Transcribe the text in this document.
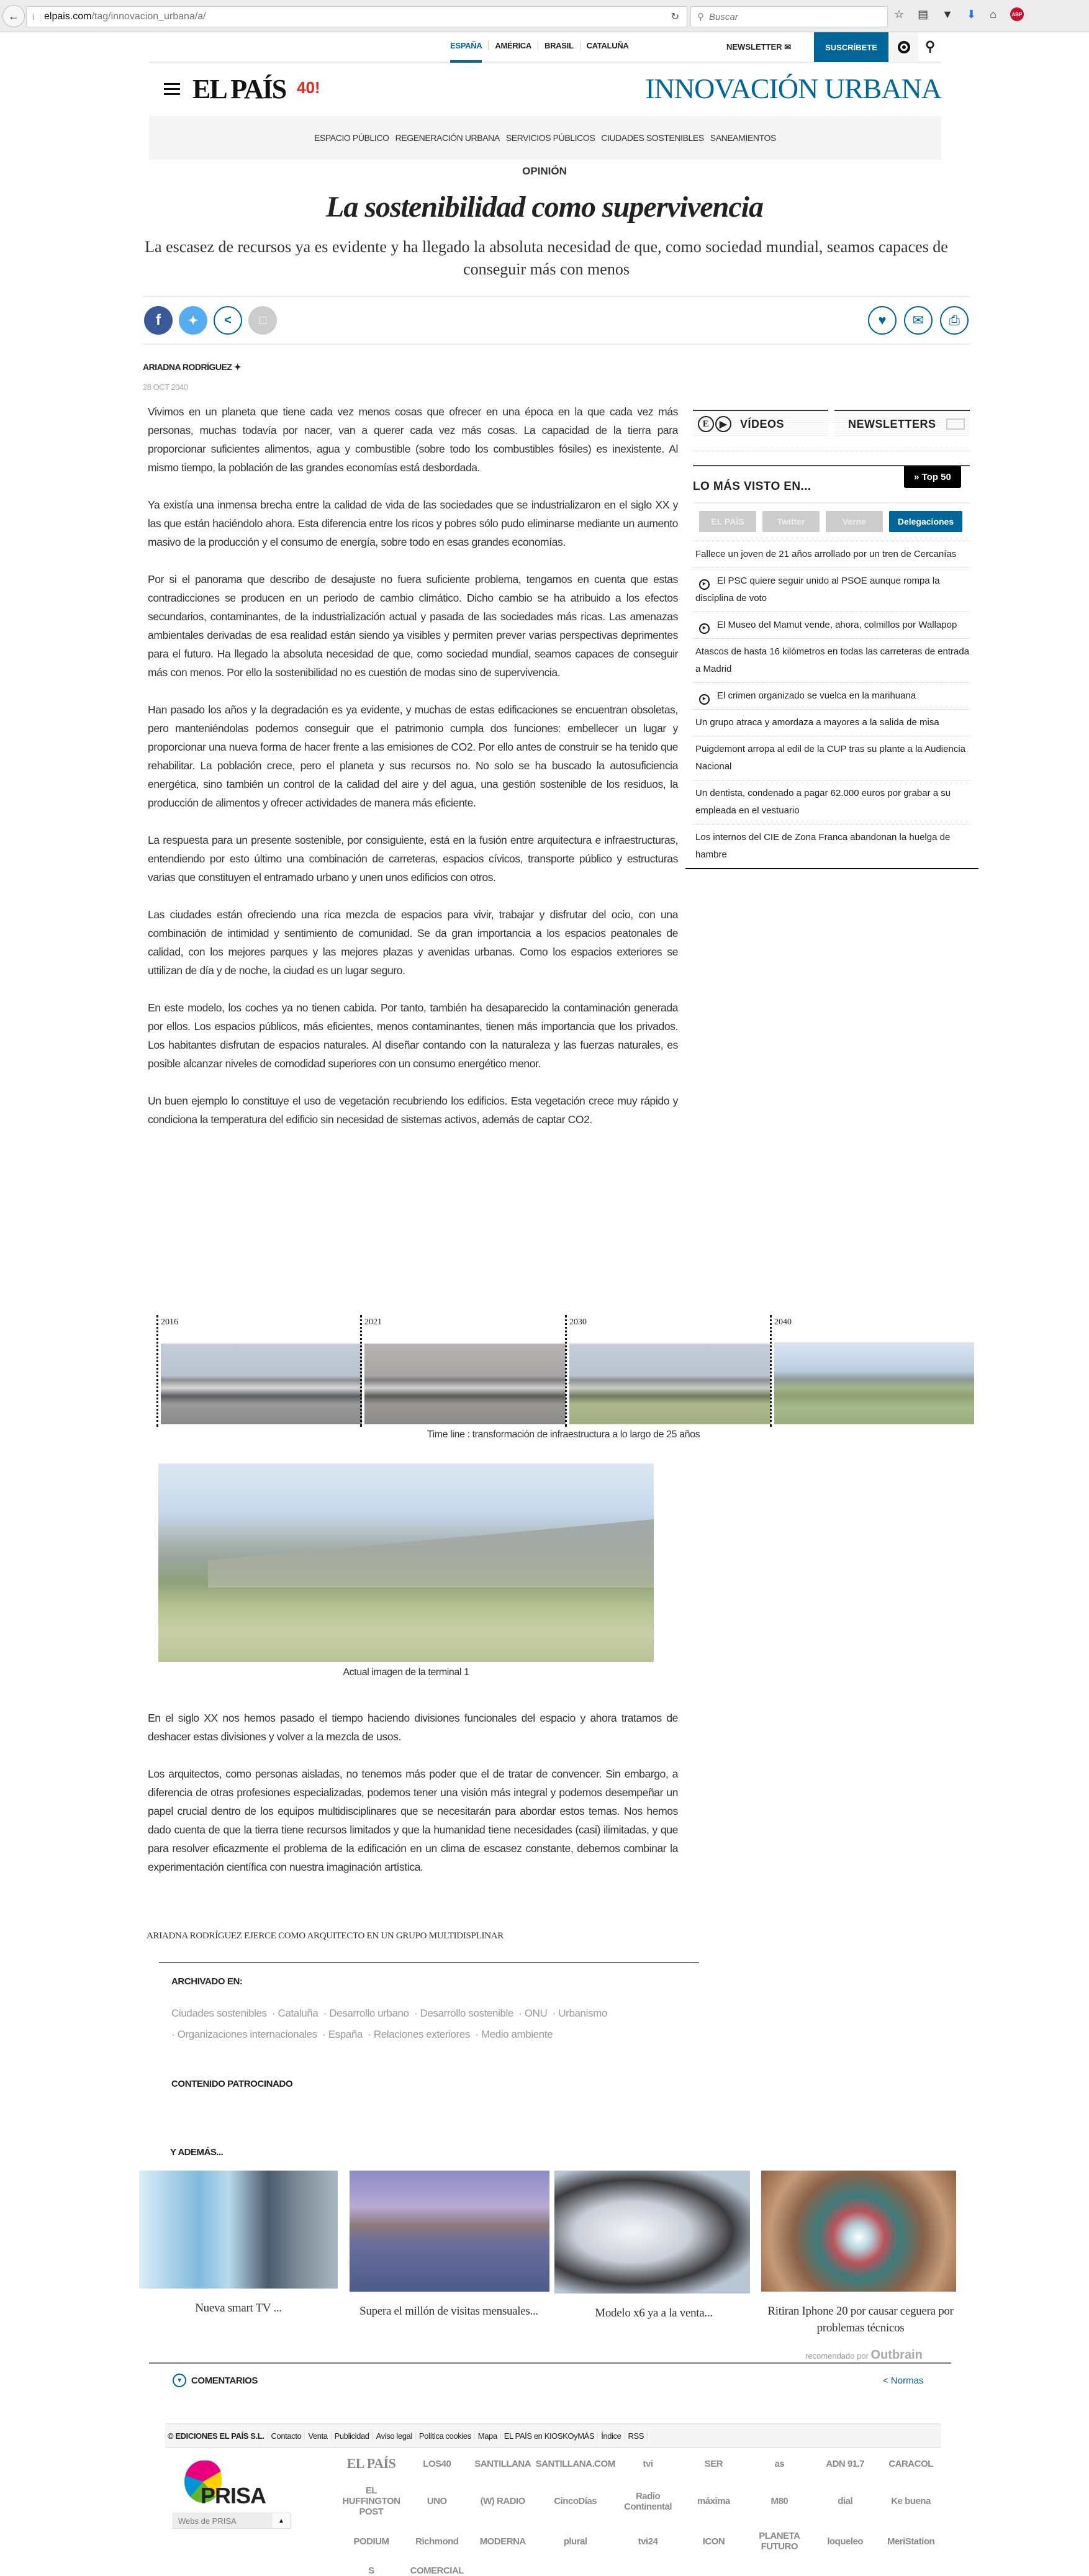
←	i	elpais.com /tag/innovacion_urbana/a/	↻ ⚲ Buscar	☆ ▤ ▼ ⬇ ⌂	ABP
ESPAÑA	AMÉRICA	BRASIL	CATALUÑA	NEWSLETTER ✉	SUSCRÍBETE	⚲
EL PAÍS 40!	INNOVACIÓN URBANA
ESPACIO PÚBLICO REGENERACIÓN URBANA SERVICIOS PÚBLICOS CIUDADES SOSTENIBLES SANEAMIENTOS
OPINIÓN
La sostenibilidad como supervivencia
La escasez de recursos ya es evidente y ha llegado la absoluta necesidad de que, como sociedad mundial, seamos capaces de conseguir más con menos
f	✦	<	□	♥	✉	⎙
ARIADNA RODRÍGUEZ ✦
28 OCT 2040

Vivimos en un planeta que tiene cada vez menos cosas que ofrecer en una época en la que cada vez más personas, muchas todavía por nacer, van a querer cada vez más cosas. La capacidad de la tierra para proporcionar suficientes alimentos, agua y combustible (sobre todo los combustibles fósiles) es inexistente. Al mismo tiempo, la población de las grandes economías está desbordada.

Ya existía una inmensa brecha entre la calidad de vida de las sociedades que se industrializaron en el siglo XX y las que están haciéndolo ahora. Esta diferencia entre los ricos y pobres sólo pudo eliminarse mediante un aumento masivo de la producción y el consumo de energía, sobre todo en esas grandes economías.

Por si el panorama que describo de desajuste no fuera suficiente problema, tengamos en cuenta que estas contradicciones se producen en un periodo de cambio climático. Dicho cambio se ha atribuido a los efectos secundarios, contaminantes, de la industrialización actual y pasada de las sociedades más ricas. Las amenazas ambientales derivadas de esa realidad están siendo ya visibles y permiten prever varias perspectivas deprimentes para el futuro. Ha llegado la absoluta necesidad de que, como sociedad mundial, seamos capaces de conseguir más con menos. Por ello la sostenibilidad no es cuestión de modas sino de supervivencia.

Han pasado los años y la degradación es ya evidente, y muchas de estas edificaciones se encuentran obsoletas, pero manteniéndolas podemos conseguir que el patrimonio cumpla dos funciones: embellecer un lugar y proporcionar una nueva forma de hacer frente a las emisiones de CO2. Por ello antes de construir se ha tenido que rehabilitar. La población crece, pero el planeta y sus recursos no. No solo se ha buscado la autosuficiencia energética, sino también un control de la calidad del aire y del agua, una gestión sostenible de los residuos, la producción de alimentos y ofrecer actividades de manera más eficiente.

La respuesta para un presente sostenible, por consiguiente, está en la fusión entre arquitectura e infraestructuras, entendiendo por esto último una combinación de carreteras, espacios cívicos, transporte público y estructuras varias que constituyen el entramado urbano y unen unos edificios con otros.

Las ciudades están ofreciendo una rica mezcla de espacios para vivir, trabajar y disfrutar del ocio, con una combinación de intimidad y sentimiento de comunidad. Se da gran importancia a los espacios peatonales de calidad, con los mejores parques y las mejores plazas y avenidas urbanas. Como los espacios exteriores se uttilizan de día y de noche, la ciudad es un lugar seguro.

En este modelo, los coches ya no tienen cabida. Por tanto, también ha desaparecido la contaminación generada por ellos. Los espacios públicos, más eficientes, menos contaminantes, tienen más importancia que los privados. Los habitantes disfrutan de espacios naturales. Al diseñar contando con la naturaleza y las fuerzas naturales, es posible alcanzar niveles de comodidad superiores con un consumo energético menor.

Un buen ejemplo lo constituye el uso de vegetación recubriendo los edificios. Esta vegetación crece muy rápido y condiciona la temperatura del edificio sin necesidad de sistemas activos, además de captar CO2.

E	▶	VÍDEOS	NEWSLETTERS
LO MÁS VISTO EN...
» Top 50
EL PAÍS	Twitter	Verne	Delegaciones
Fallece un joven de 21 años arrollado por un tren de Cercanías
▶ El PSC quiere seguir unido al PSOE aunque rompa la disciplina de voto
▶ El Museo del Mamut vende, ahora, colmillos por Wallapop
Atascos de hasta 16 kilómetros en todas las carreteras de entrada a Madrid
▶ El crimen organizado se vuelca en la marihuana
Un grupo atraca y amordaza a mayores a la salida de misa
Puigdemont arropa al edil de la CUP tras su plante a la Audiencia Nacional
Un dentista, condenado a pagar 62.000 euros por grabar a su empleada en el vestuario
Los internos del CIE de Zona Franca abandonan la huelga de hambre
2016	2021	2030	2040
Time line : transformación de infraestructura a lo largo de 25 años
Actual imagen de la terminal 1

En el siglo XX nos hemos pasado el tiempo haciendo divisiones funcionales del espacio y ahora tratamos de deshacer estas divisiones y volver a la mezcla de usos.

Los arquitectos, como personas aisladas, no tenemos más poder que el de tratar de convencer. Sin embargo, a diferencia de otras profesiones especializadas, podemos tener una visión más integral y podemos desempeñar un papel crucial dentro de los equipos multidisciplinares que se necesitarán para abordar estos temas. Nos hemos dado cuenta de que la tierra tiene recursos limitados y que la humanidad tiene necesidades (casi) ilimitadas, y que para resolver eficazmente el problema de la edificación en un clima de escasez constante, debemos combinar la experimentación científica con nuestra imaginación artística.

ARIADNA RODRÍGUEZ EJERCE COMO ARQUITECTO EN UN GRUPO MULTIDISPLINAR
ARCHIVADO EN:
Ciudades sostenibles · Cataluña · Desarrollo urbano · Desarrollo sostenible · ONU · Urbanismo
· Organizaciones internacionales · España · Relaciones exteriores · Medio ambiente
CONTENIDO PATROCINADO
Y ADEMÁS...
Nueva smart TV ...	Supera el millón de visitas mensuales...	Modelo x6 ya a la venta...	Ritiran Iphone 20 por causar ceguera por problemas técnicos
recomendado por Outbrain
▼ COMENTARIOS	< Normas
© EDICIONES EL PAÍS S.L. Contacto Venta Publicidad Aviso legal Política cookies Mapa EL PAÍS en KIOSKOyMÁS Índice RSS
PRISA
Webs de PRISA	▲
EL PAÍS	LOS40	SANTILLANA SANTILLANA.COM	tvi	SER	as	ADN 91.7	CARACOL
EL HUFFINGTON POST
UNO	(W) RADIO	CincoDías	Radio Continental	máxima	M80	dial	Ke buena
PODIUM	Richmond	MODERNA	plural	tvi24	ICON	PLANETA FUTURO	loqueleo	MeriStation
S	COMERCIAL
